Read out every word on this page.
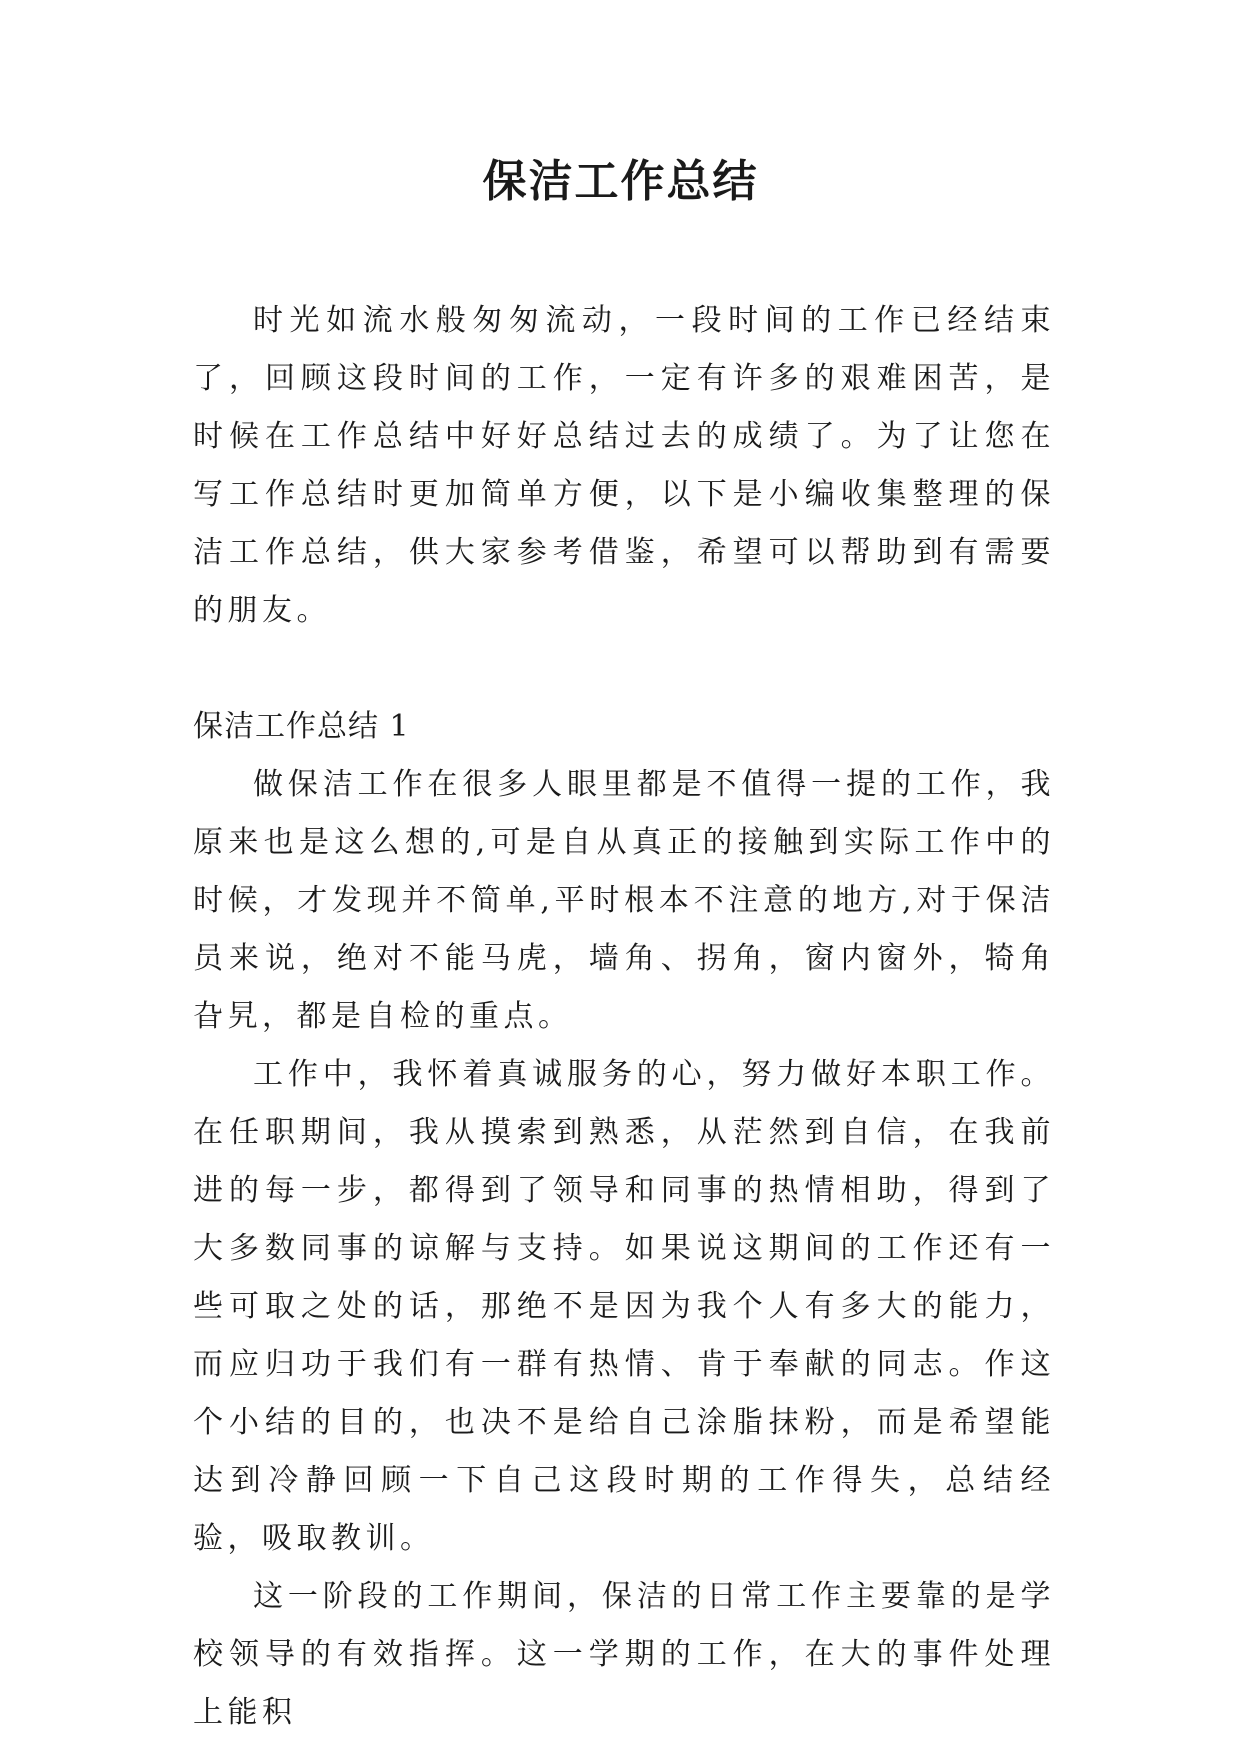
保洁工作总结

时光如流水般匆匆流动，一段时间的工作已经结束了，回顾这段时间的工作，一定有许多的艰难困苦，是时候在工作总结中好好总结过去的成绩了。为了让您在写工作总结时更加简单方便，以下是小编收集整理的保洁工作总结，供大家参考借鉴，希望可以帮助到有需要的朋友。

保洁工作总结 1

做保洁工作在很多人眼里都是不值得一提的工作，我原来也是这么想的,可是自从真正的接触到实际工作中的时候，才发现并不简单,平时根本不注意的地方,对于保洁员来说，绝对不能马虎，墙角、拐角，窗内窗外，犄角旮旯，都是自检的重点。

工作中，我怀着真诚服务的心，努力做好本职工作。在任职期间，我从摸索到熟悉，从茫然到自信，在我前进的每一步，都得到了领导和同事的热情相助，得到了大多数同事的谅解与支持。如果说这期间的工作还有一些可取之处的话，那绝不是因为我个人有多大的能力，而应归功于我们有一群有热情、肯于奉献的同志。作这个小结的目的，也决不是给自己涂脂抹粉，而是希望能达到冷静回顾一下自己这段时期的工作得失，总结经验，吸取教训。

这一阶段的工作期间，保洁的日常工作主要靠的是学校领导的有效指挥。这一学期的工作，在大的事件处理上能积
